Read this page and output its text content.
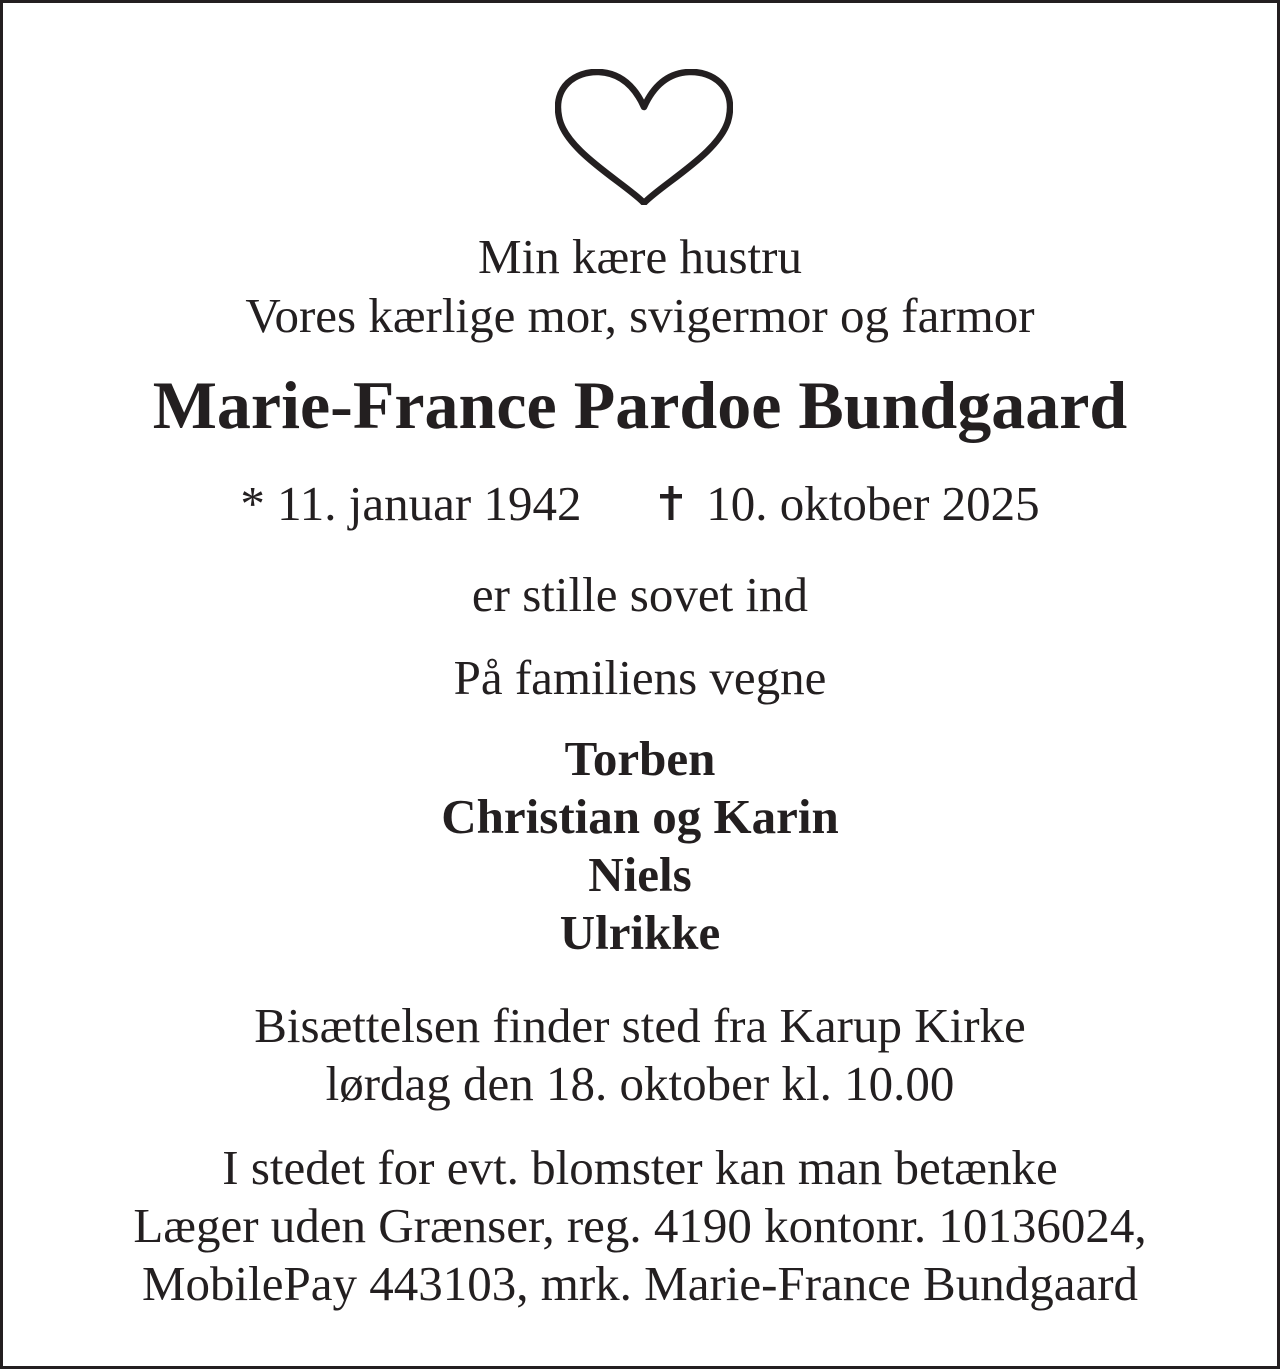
Min kære hustru
Vores kærlige mor, svigermor og farmor
Marie-France Pardoe Bundgaard
* 11. januar 1942	10. oktober 2025
er stille sovet ind
På familiens vegne
Torben
Christian og Karin
Niels
Ulrikke
Bisættelsen finder sted fra Karup Kirke
lørdag den 18. oktober kl. 10.00
I stedet for evt. blomster kan man betænke
Læger uden Grænser, reg. 4190 kontonr. 10136024,
MobilePay 443103, mrk. Marie-France Bundgaard
